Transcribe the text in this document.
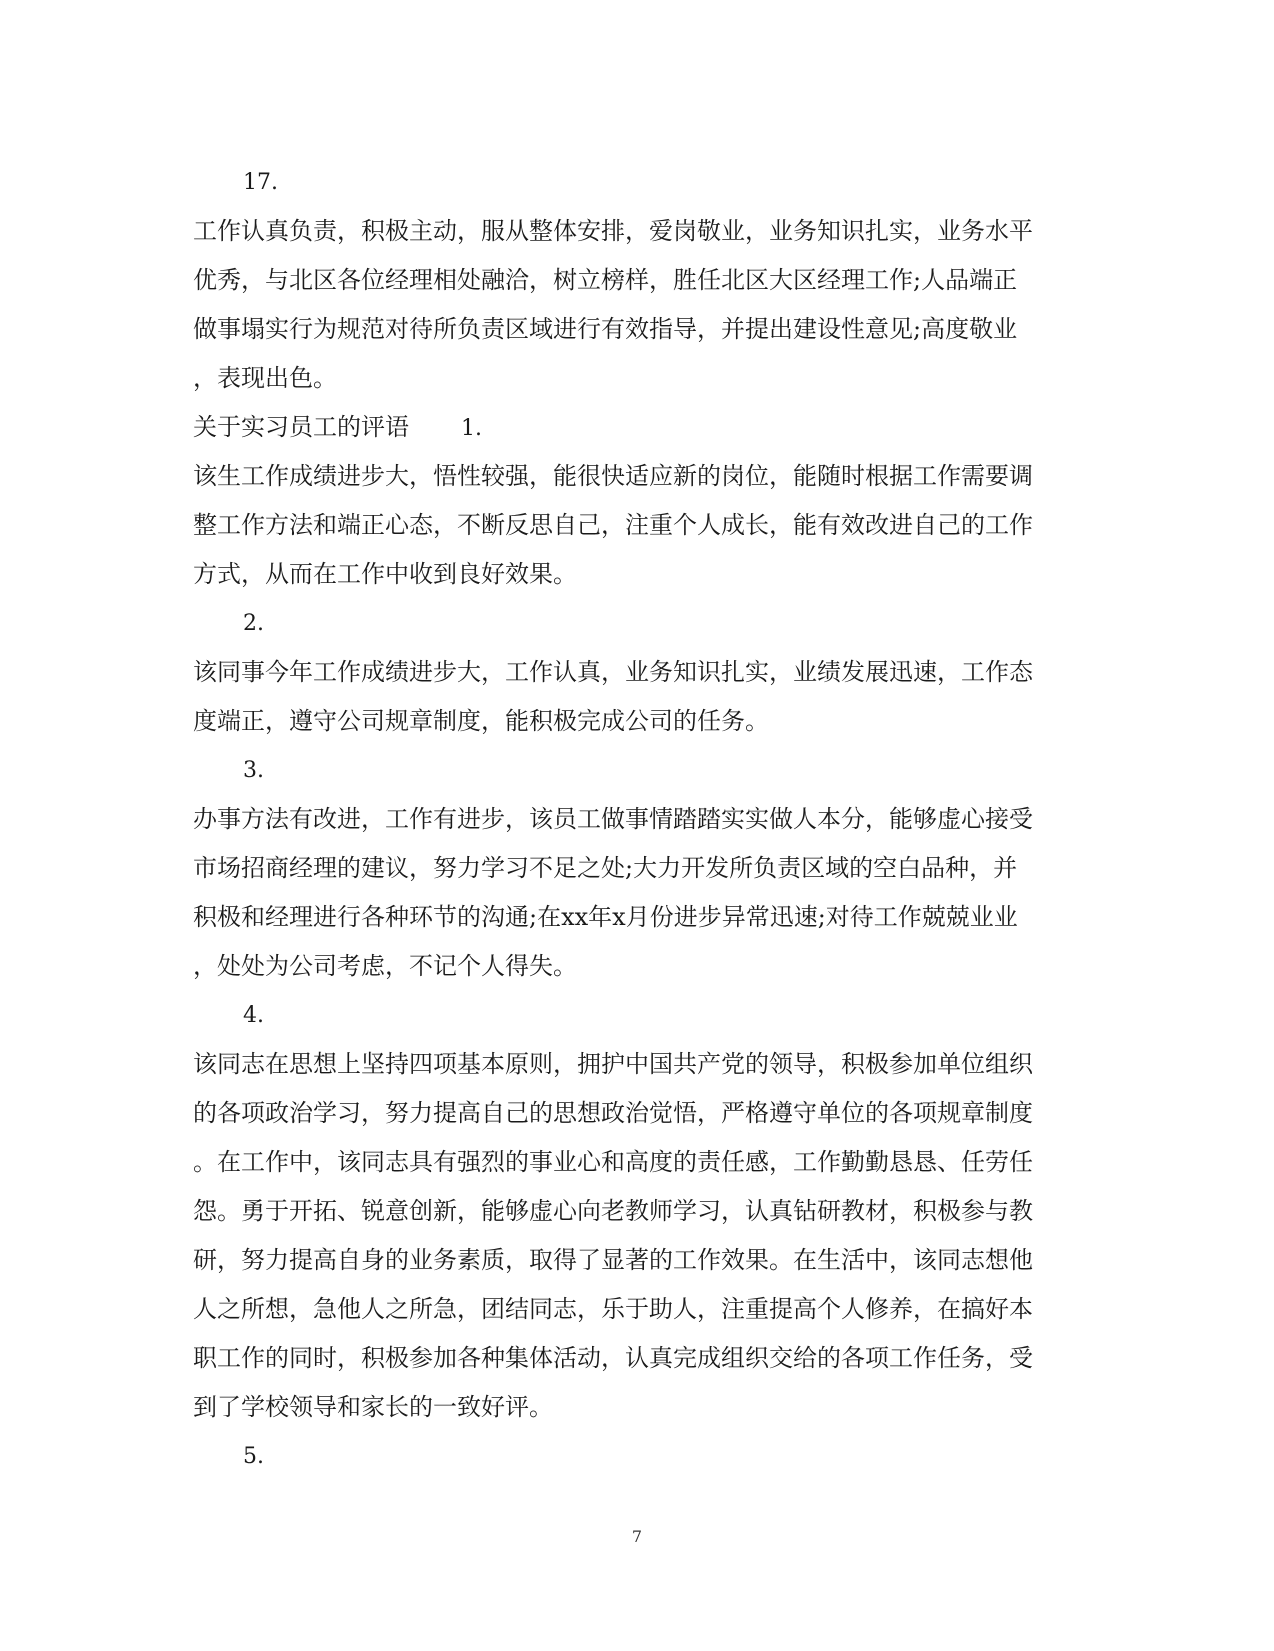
17.
工作认真负责，积极主动，服从整体安排，爱岗敬业，业务知识扎实，业务水平
优秀，与北区各位经理相处融洽，树立榜样，胜任北区大区经理工作;人品端正
做事塌实行为规范对待所负责区域进行有效指导，并提出建设性意见;高度敬业
，表现出色。
关于实习员工的评语 1.
该生工作成绩进步大，悟性较强，能很快适应新的岗位，能随时根据工作需要调
整工作方法和端正心态，不断反思自己，注重个人成长，能有效改进自己的工作
方式，从而在工作中收到良好效果。
2.
该同事今年工作成绩进步大，工作认真，业务知识扎实，业绩发展迅速，工作态
度端正，遵守公司规章制度，能积极完成公司的任务。
3.
办事方法有改进，工作有进步，该员工做事情踏踏实实做人本分，能够虚心接受
市场招商经理的建议，努力学习不足之处;大力开发所负责区域的空白品种，并
积极和经理进行各种环节的沟通;在xx年x月份进步异常迅速;对待工作兢兢业业
，处处为公司考虑，不记个人得失。
4.
该同志在思想上坚持四项基本原则，拥护中国共产党的领导，积极参加单位组织
的各项政治学习，努力提高自己的思想政治觉悟，严格遵守单位的各项规章制度
。在工作中，该同志具有强烈的事业心和高度的责任感，工作勤勤恳恳、任劳任
怨。勇于开拓、锐意创新，能够虚心向老教师学习，认真钻研教材，积极参与教
研，努力提高自身的业务素质，取得了显著的工作效果。在生活中，该同志想他
人之所想，急他人之所急，团结同志，乐于助人，注重提高个人修养，在搞好本
职工作的同时，积极参加各种集体活动，认真完成组织交给的各项工作任务，受
到了学校领导和家长的一致好评。
5.
7
